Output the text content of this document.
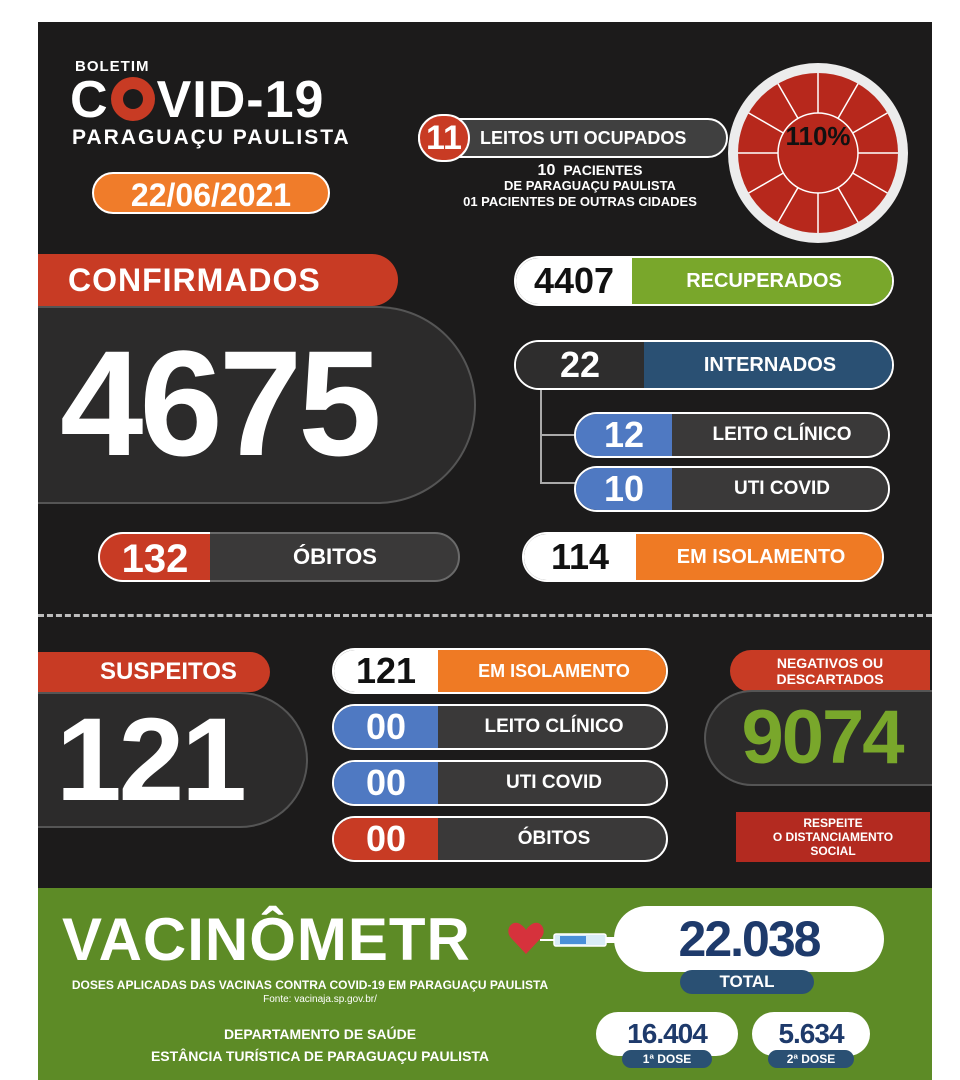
BOLETIM
C VID-19
PARAGUAÇU PAULISTA
22/06/2021
11	LEITOS UTI OCUPADOS
10 PACIENTES
DE PARAGUAÇU PAULISTA
01 PACIENTES DE OUTRAS CIDADES
110%
CONFIRMADOS
4675
132	ÓBITOS
4407	RECUPERADOS
22	INTERNADOS
12	LEITO CLÍNICO
10	UTI COVID
114	EM ISOLAMENTO
SUSPEITOS
121
121	EM ISOLAMENTO
00	LEITO CLÍNICO
00	UTI COVID
00	ÓBITOS
NEGATIVOS OU
DESCARTADOS
9074
RESPEITE
O DISTANCIAMENTO
SOCIAL
VACINÔMETR
DOSES APLICADAS DAS VACINAS CONTRA COVID-19 EM PARAGUAÇU PAULISTA
Fonte: vacinaja.sp.gov.br/
DEPARTAMENTO DE SAÚDE
ESTÂNCIA TURÍSTICA DE PARAGUAÇU PAULISTA
22.038
TOTAL
16.404
1ª DOSE
5.634
2ª DOSE
